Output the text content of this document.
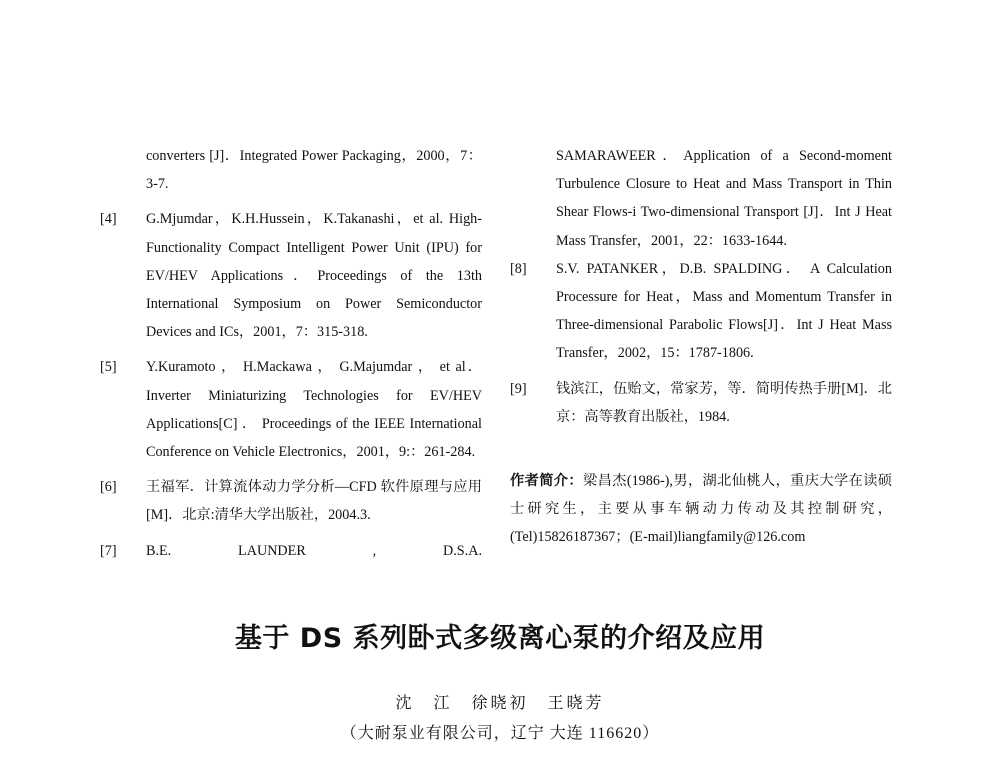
converters [J]．Integrated Power Packaging，2000，7：3-7.
[4] G.Mjumdar，K.H.Hussein，K.Takanashi，et al. High-Functionality Compact Intelligent Power Unit (IPU) for EV/HEV Applications．Proceedings of the 13th International Symposium on Power Semiconductor Devices and ICs，2001，7：315-318.
[5] Y.Kuramoto ， H.Mackawa ， G.Majumdar ， et al．Inverter Miniaturizing Technologies for EV/HEV Applications[C] ． Proceedings of the IEEE International Conference on Vehicle Electronics，2001，9:：261-284.
[6] 王福军．计算流体动力学分析—CFD 软件原理与应用[M]．北京:清华大学出版社，2004.3.
[7] B.E. LAUNDER , D.S.A.
SAMARAWEER．Application of a Second-moment Turbulence Closure to Heat and Mass Transport in Thin Shear Flows-i Two-dimensional Transport [J]．Int J Heat Mass Transfer，2001，22：1633-1644.
[8] S.V. PATANKER，D.B. SPALDING． A Calculation Processure for Heat，Mass and Momentum Transfer in Three-dimensional Parabolic Flows[J]．Int J Heat Mass Transfer，2002，15：1787-1806.
[9] 钱滨江，伍贻文，常家芳，等．简明传热手册[M]．北京：高等教育出版社，1984.
作者简介：梁昌杰(1986-),男，湖北仙桃人，重庆大学在读硕士研究生，主要从事车辆动力传动及其控制研究，(Tel)15826187367；(E-mail)liangfamily@126.com
基于 DS 系列卧式多级离心泵的介绍及应用
沈　江　徐晓初　王晓芳
（大耐泵业有限公司，辽宁 大连 116620）
